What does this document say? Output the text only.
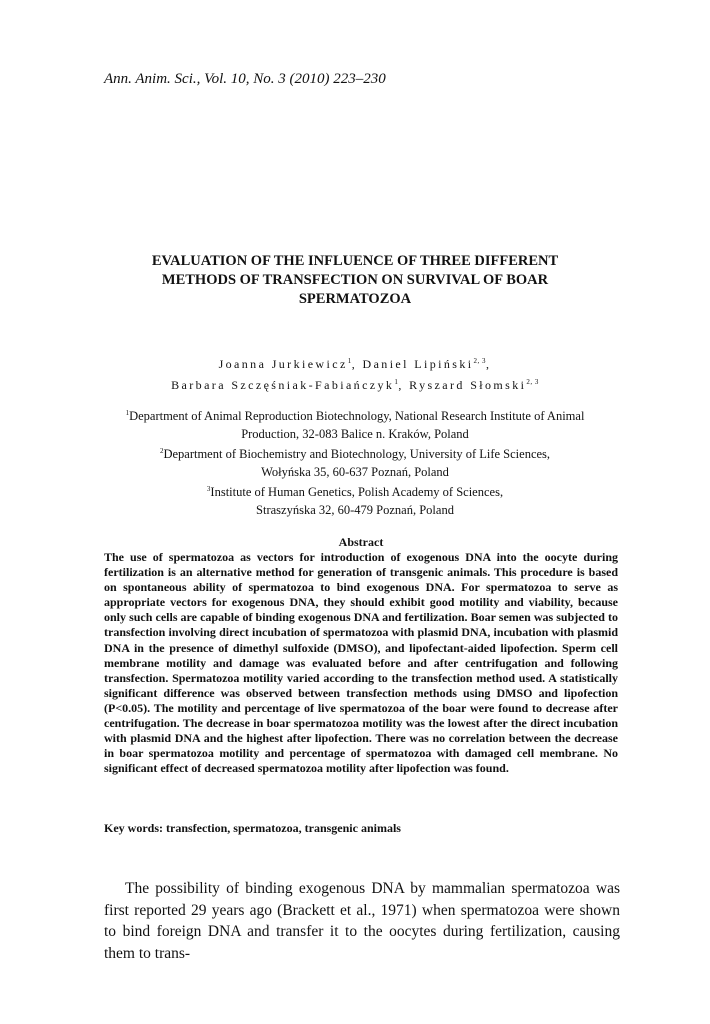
Ann. Anim. Sci., Vol. 10, No. 3 (2010) 223–230
EVALUATION OF THE INFLUENCE OF THREE DIFFERENT
METHODS OF TRANSFECTION ON SURVIVAL OF BOAR
SPERMATOZOA
Joanna Jurkiewicz$^1$, Daniel Lipiński$^{2, 3}$,
Barbara Szczęśniak-Fabiańczyk$^1$, Ryszard Słomski$^{2, 3}$
$^1$Department of Animal Reproduction Biotechnology, National Research Institute of Animal
Production, 32-083 Balice n. Kraków, Poland
$^2$Department of Biochemistry and Biotechnology, University of Life Sciences,
Wołyńska 35, 60-637 Poznań, Poland
$^3$Institute of Human Genetics, Polish Academy of Sciences,
Straszyńska 32, 60-479 Poznań, Poland
Abstract
The use of spermatozoa as vectors for introduction of exogenous DNA into the oocyte during fertilization is an alternative method for generation of transgenic animals. This procedure is based on spontaneous ability of spermatozoa to bind exogenous DNA. For spermatozoa to serve as appropriate vectors for exogenous DNA, they should exhibit good motility and viability, because only such cells are capable of binding exogenous DNA and fertilization. Boar semen was subjected to transfection involving direct incubation of spermatozoa with plasmid DNA, incubation with plasmid DNA in the presence of dimethyl sulfoxide (DMSO), and lipofectant-aided lipofection. Sperm cell membrane motility and damage was evaluated before and after centrifugation and following transfection. Spermatozoa motility varied according to the transfection method used. A statistically significant difference was observed between transfection methods using DMSO and lipofection (P<0.05). The motility and percentage of live spermatozoa of the boar were found to decrease after centrifugation. The decrease in boar spermatozoa motility was the lowest after the direct incubation with plasmid DNA and the highest after lipofection. There was no correlation between the decrease in boar spermatozoa motility and percentage of spermatozoa with damaged cell membrane. No significant effect of decreased spermatozoa motility after lipofection was found.
Key words: transfection, spermatozoa, transgenic animals
The possibility of binding exogenous DNA by mammalian spermatozoa was first reported 29 years ago (Brackett et al., 1971) when spermatozoa were shown to bind foreign DNA and transfer it to the oocytes during fertilization, causing them to trans-
